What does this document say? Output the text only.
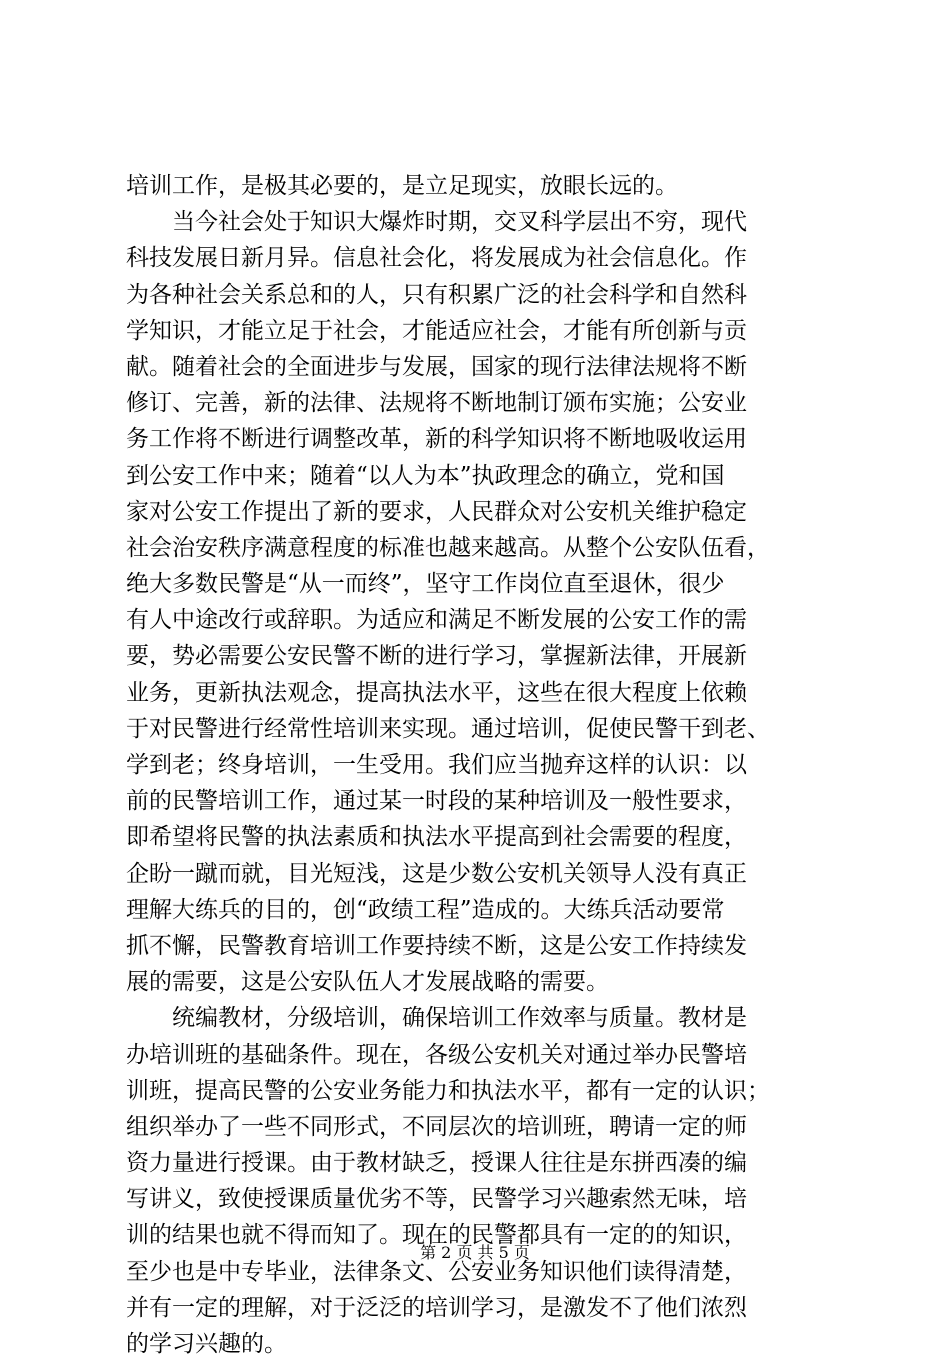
培训工作，是极其必要的，是立足现实，放眼长远的。
当今社会处于知识大爆炸时期，交叉科学层出不穷，现代
科技发展日新月异。信息社会化，将发展成为社会信息化。作
为各种社会关系总和的人，只有积累广泛的社会科学和自然科
学知识，才能立足于社会，才能适应社会，才能有所创新与贡
献。随着社会的全面进步与发展，国家的现行法律法规将不断
修订、完善，新的法律、法规将不断地制订颁布实施；公安业
务工作将不断进行调整改革，新的科学知识将不断地吸收运用
到公安工作中来；随着“以人为本”执政理念的确立，党和国
家对公安工作提出了新的要求，人民群众对公安机关维护稳定
社会治安秩序满意程度的标准也越来越高。从整个公安队伍看，
绝大多数民警是“从一而终”，坚守工作岗位直至退休，很少
有人中途改行或辞职。为适应和满足不断发展的公安工作的需
要，势必需要公安民警不断的进行学习，掌握新法律，开展新
业务，更新执法观念，提高执法水平，这些在很大程度上依赖
于对民警进行经常性培训来实现。通过培训，促使民警干到老、
学到老；终身培训，一生受用。我们应当抛弃这样的认识：以
前的民警培训工作，通过某一时段的某种培训及一般性要求，
即希望将民警的执法素质和执法水平提高到社会需要的程度，
企盼一蹴而就，目光短浅，这是少数公安机关领导人没有真正
理解大练兵的目的，创“政绩工程”造成的。大练兵活动要常
抓不懈，民警教育培训工作要持续不断，这是公安工作持续发
展的需要，这是公安队伍人才发展战略的需要。
统编教材，分级培训，确保培训工作效率与质量。教材是
办培训班的基础条件。现在，各级公安机关对通过举办民警培
训班，提高民警的公安业务能力和执法水平，都有一定的认识；
组织举办了一些不同形式，不同层次的培训班，聘请一定的师
资力量进行授课。由于教材缺乏，授课人往往是东拼西凑的编
写讲义，致使授课质量优劣不等，民警学习兴趣索然无味，培
训的结果也就不得而知了。现在的民警都具有一定的的知识，
至少也是中专毕业，法律条文、公安业务知识他们读得清楚，
并有一定的理解，对于泛泛的培训学习，是激发不了他们浓烈
的学习兴趣的。
第 2 页 共 5 页
